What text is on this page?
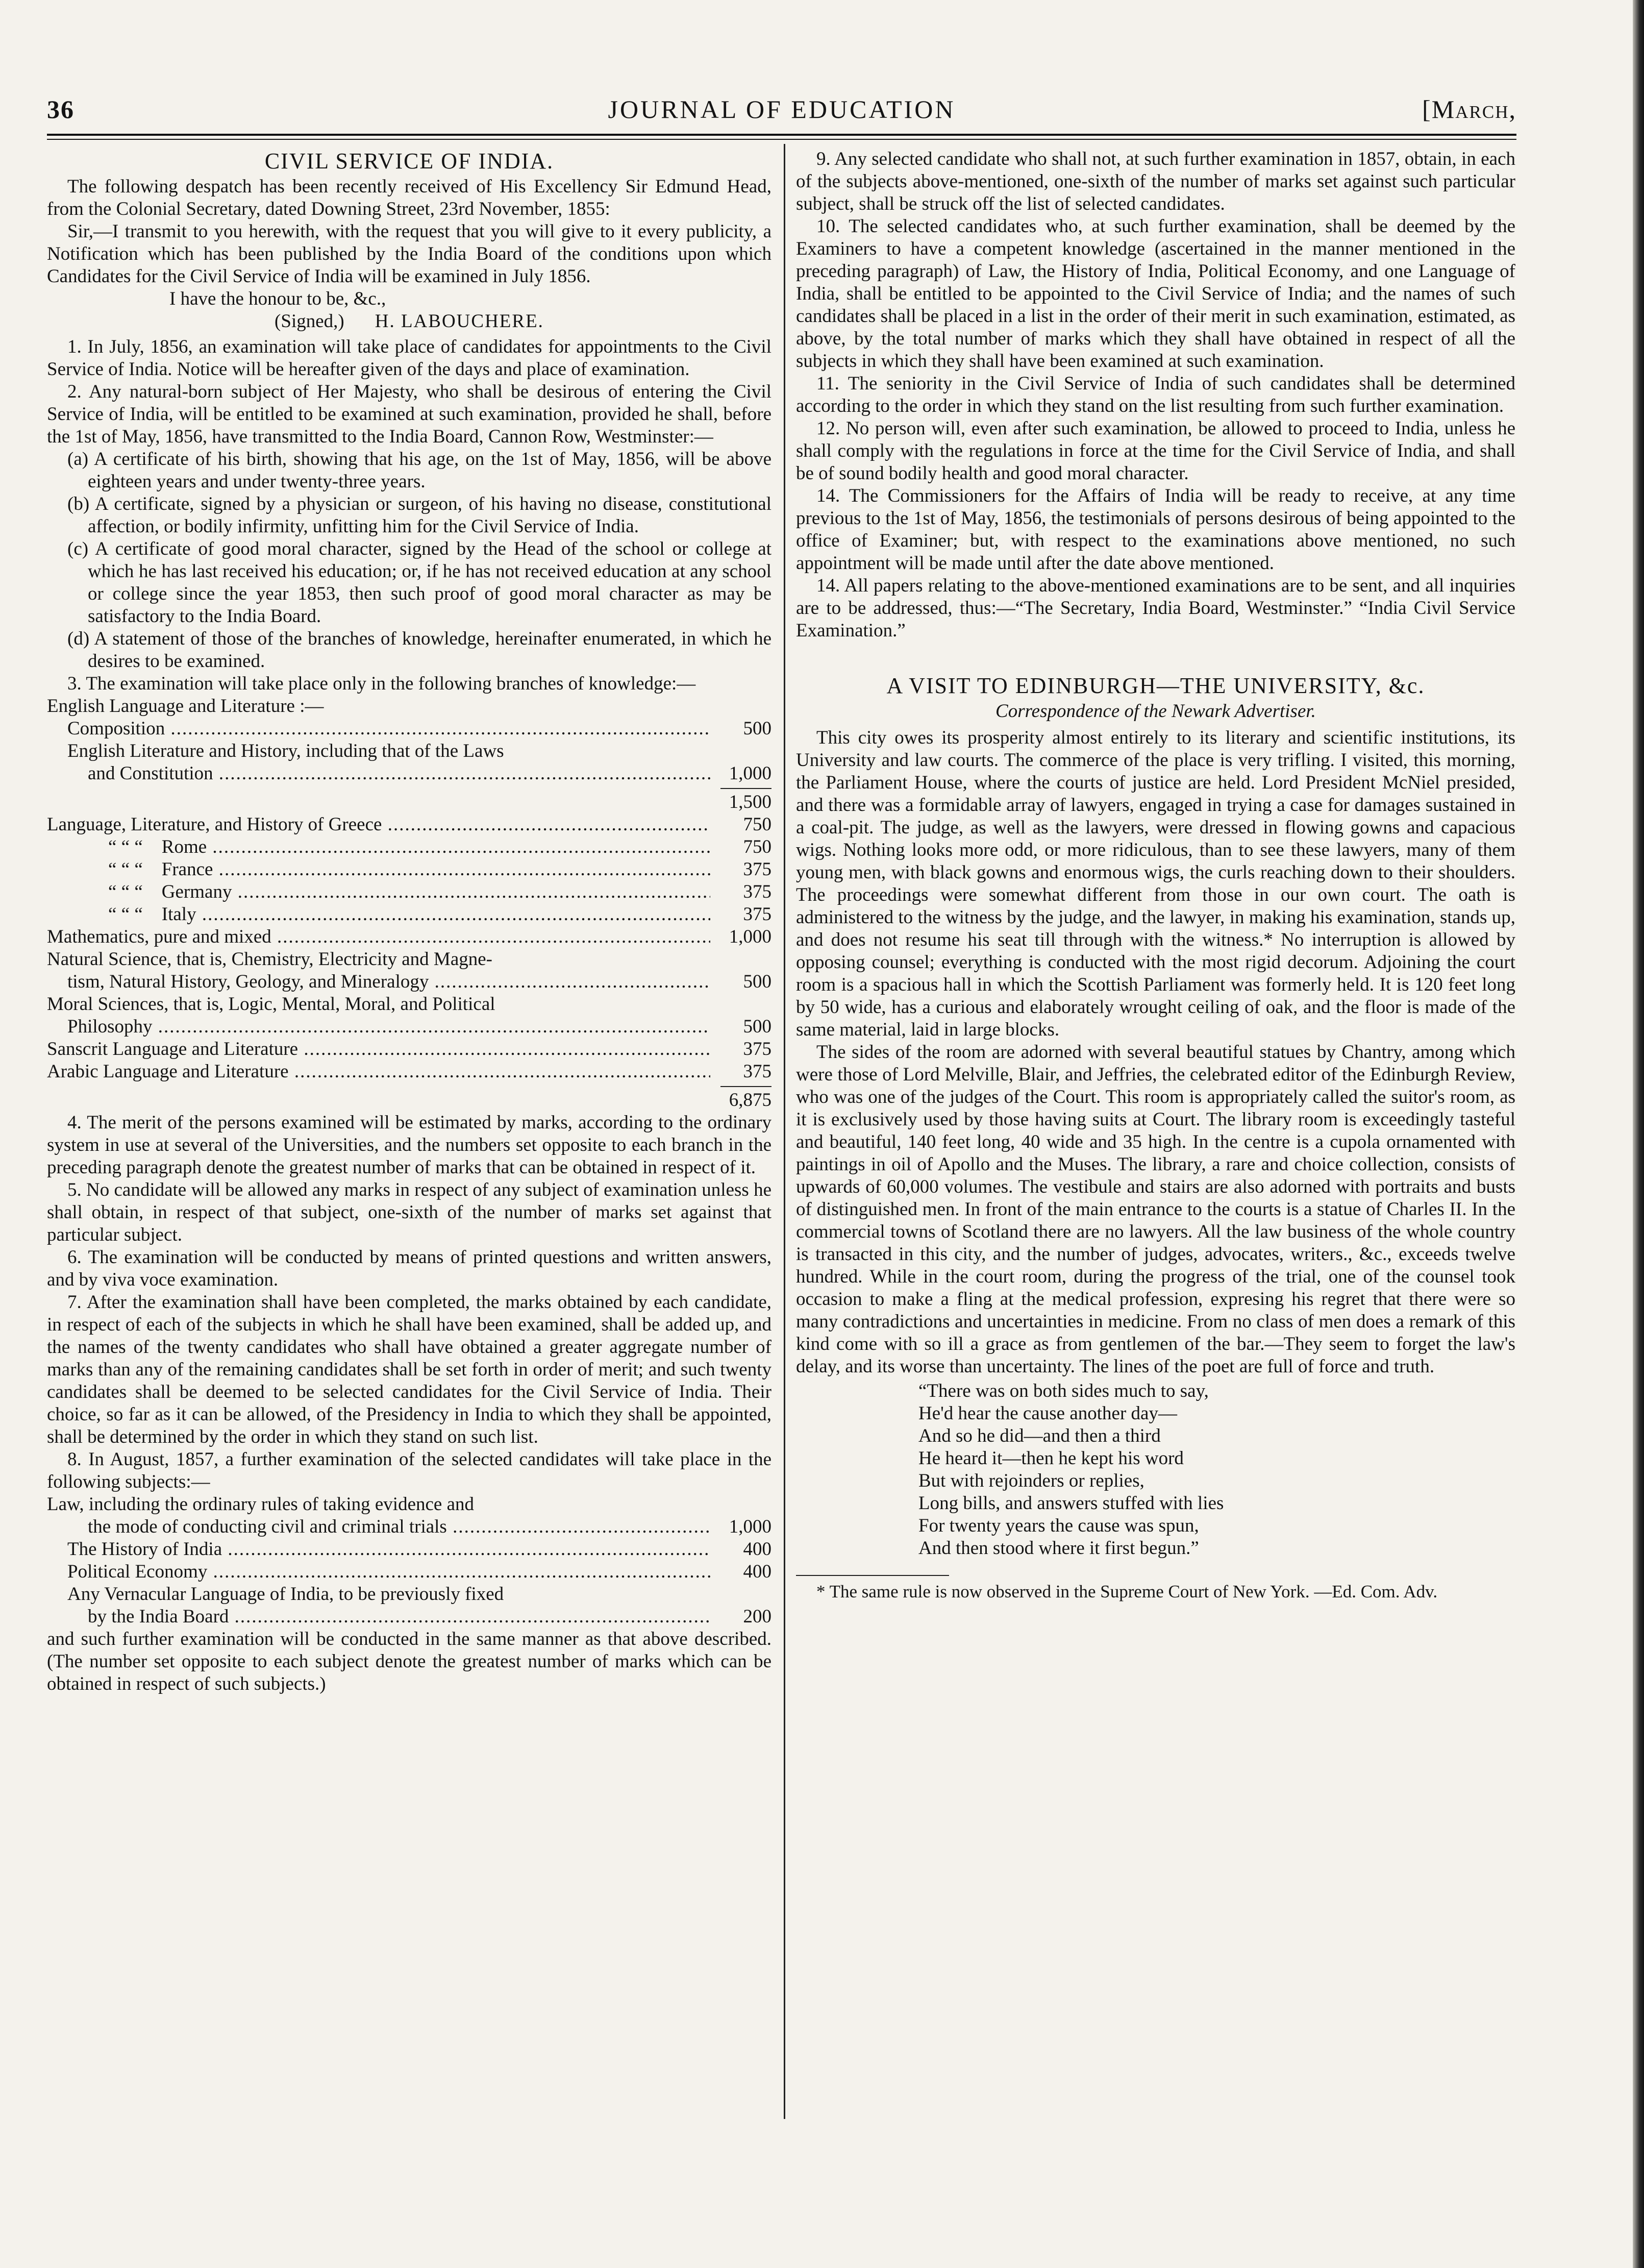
36	JOURNAL OF EDUCATION	[March,
CIVIL SERVICE OF INDIA.

The following despatch has been recently received of His Excellency Sir Edmund Head, from the Colonial Secretary, dated Downing Street, 23rd November, 1855:

Sir,—I transmit to you herewith, with the request that you will give to it every publicity, a Notification which has been published by the India Board of the conditions upon which Candidates for the Civil Service of India will be examined in July 1856.

I have the honour to be, &c.,

(Signed,) H. LABOUCHERE.

1. In July, 1856, an examination will take place of candidates for appointments to the Civil Service of India. Notice will be hereafter given of the days and place of examination.

2. Any natural-born subject of Her Majesty, who shall be desirous of entering the Civil Service of India, will be entitled to be examined at such examination, provided he shall, before the 1st of May, 1856, have transmitted to the India Board, Cannon Row, Westminster:—

(a) A certificate of his birth, showing that his age, on the 1st of May, 1856, will be above eighteen years and under twenty-three years.

(b) A certificate, signed by a physician or surgeon, of his having no disease, constitutional affection, or bodily infirmity, unfitting him for the Civil Service of India.

(c) A certificate of good moral character, signed by the Head of the school or college at which he has last received his education; or, if he has not received education at any school or college since the year 1853, then such proof of good moral character as may be satisfactory to the India Board.

(d) A statement of those of the branches of knowledge, hereinafter enumerated, in which he desires to be examined.

3. The examination will take place only in the following branches of knowledge:—

English Language and Literature :—
Composition .....	500
English Literature and History, including that of the Laws
and Constitution .....	1,000
1,500
Language, Literature, and History of Greece .....	750
“ “ “ Rome .....	750
“ “ “ France .....	375
“ “ “ Germany .....	375
“ “ “ Italy .....	375
Mathematics, pure and mixed .....	1,000
Natural Science, that is, Chemistry, Electricity and Magne-
tism, Natural History, Geology, and Mineralogy .....	500
Moral Sciences, that is, Logic, Mental, Moral, and Political
Philosophy .....	500
Sanscrit Language and Literature .....	375
Arabic Language and Literature .....	375
6,875

4. The merit of the persons examined will be estimated by marks, according to the ordinary system in use at several of the Universities, and the numbers set opposite to each branch in the preceding paragraph denote the greatest number of marks that can be obtained in respect of it.

5. No candidate will be allowed any marks in respect of any subject of examination unless he shall obtain, in respect of that subject, one-sixth of the number of marks set against that particular subject.

6. The examination will be conducted by means of printed questions and written answers, and by viva voce examination.

7. After the examination shall have been completed, the marks obtained by each candidate, in respect of each of the subjects in which he shall have been examined, shall be added up, and the names of the twenty candidates who shall have obtained a greater aggregate number of marks than any of the remaining candidates shall be set forth in order of merit; and such twenty candidates shall be deemed to be selected candidates for the Civil Service of India. Their choice, so far as it can be allowed, of the Presidency in India to which they shall be appointed, shall be determined by the order in which they stand on such list.

8. In August, 1857, a further examination of the selected candidates will take place in the following subjects:—

Law, including the ordinary rules of taking evidence and
the mode of conducting civil and criminal trials .....	1,000
The History of India .....	400
Political Economy .....	400
Any Vernacular Language of India, to be previously fixed
by the India Board .....	200

and such further examination will be conducted in the same manner as that above described. (The number set opposite to each subject denote the greatest number of marks which can be obtained in respect of such subjects.)

9. Any selected candidate who shall not, at such further examination in 1857, obtain, in each of the subjects above-mentioned, one-sixth of the number of marks set against such particular subject, shall be struck off the list of selected candidates.

10. The selected candidates who, at such further examination, shall be deemed by the Examiners to have a competent knowledge (ascertained in the manner mentioned in the preceding paragraph) of Law, the History of India, Political Economy, and one Language of India, shall be entitled to be appointed to the Civil Service of India; and the names of such candidates shall be placed in a list in the order of their merit in such examination, estimated, as above, by the total number of marks which they shall have obtained in respect of all the subjects in which they shall have been examined at such examination.

11. The seniority in the Civil Service of India of such candidates shall be determined according to the order in which they stand on the list resulting from such further examination.

12. No person will, even after such examination, be allowed to proceed to India, unless he shall comply with the regulations in force at the time for the Civil Service of India, and shall be of sound bodily health and good moral character.

14. The Commissioners for the Affairs of India will be ready to receive, at any time previous to the 1st of May, 1856, the testimonials of persons desirous of being appointed to the office of Examiner; but, with respect to the examinations above mentioned, no such appointment will be made until after the date above mentioned.

14. All papers relating to the above-mentioned examinations are to be sent, and all inquiries are to be addressed, thus:—“The Secretary, India Board, Westminster.” “India Civil Service Examination.”

A VISIT TO EDINBURGH—THE UNIVERSITY, &c.
Correspondence of the Newark Advertiser.

This city owes its prosperity almost entirely to its literary and scientific institutions, its University and law courts. The commerce of the place is very trifling. I visited, this morning, the Parliament House, where the courts of justice are held. Lord President McNiel presided, and there was a formidable array of lawyers, engaged in trying a case for damages sustained in a coal-pit. The judge, as well as the lawyers, were dressed in flowing gowns and capacious wigs. Nothing looks more odd, or more ridiculous, than to see these lawyers, many of them young men, with black gowns and enormous wigs, the curls reaching down to their shoulders. The proceedings were somewhat different from those in our own court. The oath is administered to the witness by the judge, and the lawyer, in making his examination, stands up, and does not resume his seat till through with the witness.* No interruption is allowed by opposing counsel; everything is conducted with the most rigid decorum. Adjoining the court room is a spacious hall in which the Scottish Parliament was formerly held. It is 120 feet long by 50 wide, has a curious and elaborately wrought ceiling of oak, and the floor is made of the same material, laid in large blocks.

The sides of the room are adorned with several beautiful statues by Chantry, among which were those of Lord Melville, Blair, and Jeffries, the celebrated editor of the Edinburgh Review, who was one of the judges of the Court. This room is appropriately called the suitor's room, as it is exclusively used by those having suits at Court. The library room is exceedingly tasteful and beautiful, 140 feet long, 40 wide and 35 high. In the centre is a cupola ornamented with paintings in oil of Apollo and the Muses. The library, a rare and choice collection, consists of upwards of 60,000 volumes. The vestibule and stairs are also adorned with portraits and busts of distinguished men. In front of the main entrance to the courts is a statue of Charles II. In the commercial towns of Scotland there are no lawyers. All the law business of the whole country is transacted in this city, and the number of judges, advocates, writers., &c., exceeds twelve hundred. While in the court room, during the progress of the trial, one of the counsel took occasion to make a fling at the medical profession, expresing his regret that there were so many contradictions and uncertainties in medicine. From no class of men does a remark of this kind come with so ill a grace as from gentlemen of the bar.—They seem to forget the law's delay, and its worse than uncertainty. The lines of the poet are full of force and truth.

“There was on both sides much to say,
He'd hear the cause another day—
And so he did—and then a third
He heard it—then he kept his word
But with rejoinders or replies,
Long bills, and answers stuffed with lies
For twenty years the cause was spun,
And then stood where it first begun.”

* The same rule is now observed in the Supreme Court of New York. —Ed. Com. Adv.
